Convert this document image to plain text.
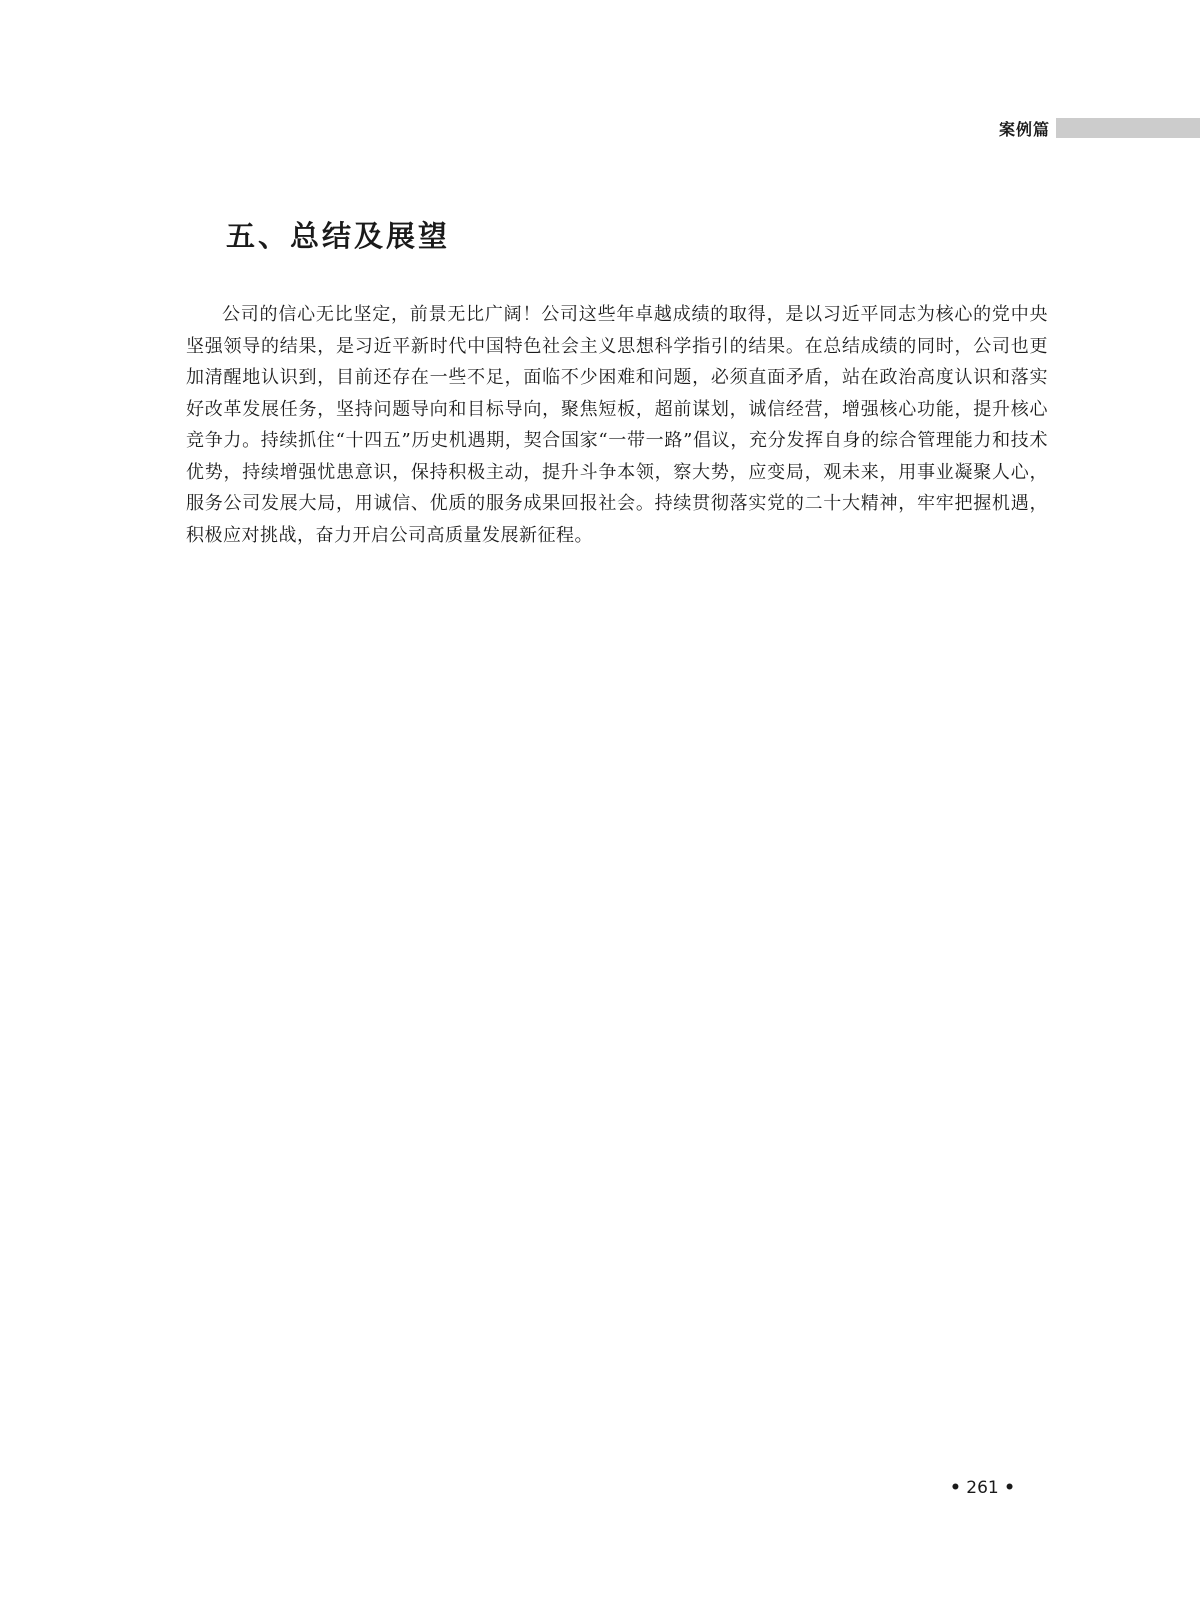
案例篇
五、总结及展望

公司的信心无比坚定，前景无比广阔！公司这些年卓越成绩的取得，是以习近平同志为核心的党中央坚强领导的结果，是习近平新时代中国特色社会主义思想科学指引的结果。在总结成绩的同时，公司也更加清醒地认识到，目前还存在一些不足，面临不少困难和问题，必须直面矛盾，站在政治高度认识和落实好改革发展任务，坚持问题导向和目标导向，聚焦短板，超前谋划，诚信经营，增强核心功能，提升核心竞争力。持续抓住“十四五”历史机遇期，契合国家“一带一路”倡议，充分发挥自身的综合管理能力和技术优势，持续增强忧患意识，保持积极主动，提升斗争本领，察大势，应变局，观未来，用事业凝聚人心，服务公司发展大局，用诚信、优质的服务成果回报社会。持续贯彻落实党的二十大精神，牢牢把握机遇，积极应对挑战，奋力开启公司高质量发展新征程。

• 261 •
